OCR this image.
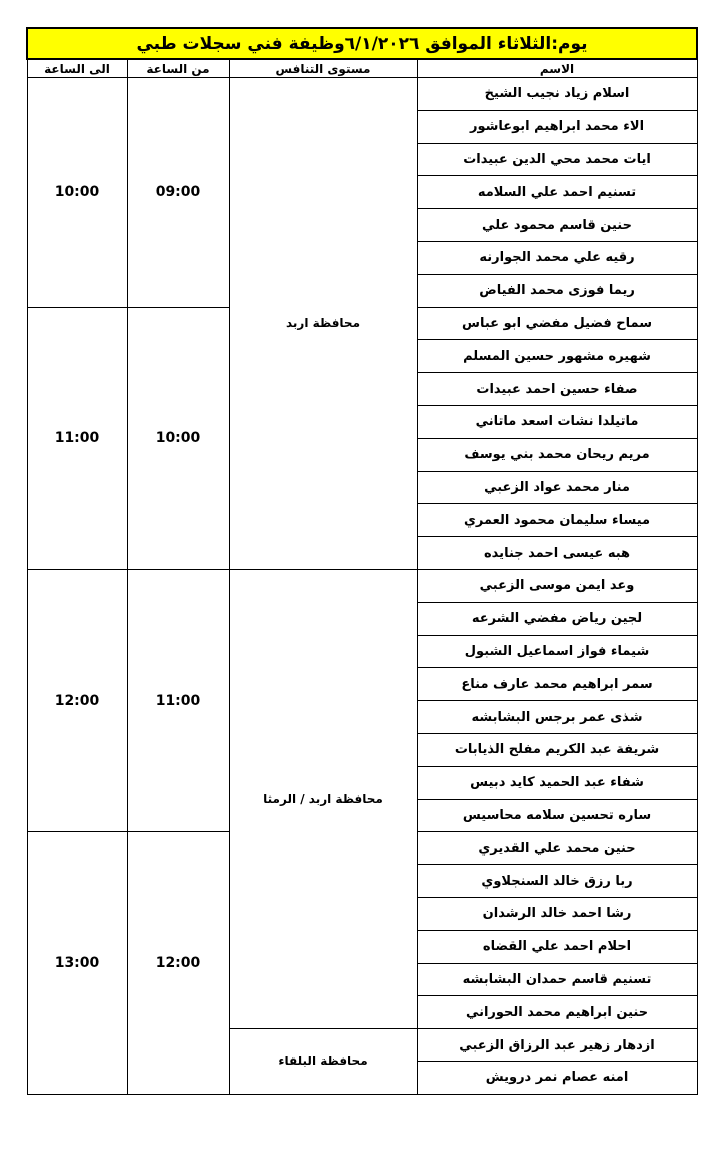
يوم:الثلاثاء الموافق ٦/١/٢٠٢٦وظيفة فني سجلات طبي			
الى الساعة	من الساعة	مستوى التنافس	الاسم
10:00	09:00	محافظة اربد	اسلام زياد نجيب الشيخ
			الاء محمد ابراهيم ابوعاشور
			ايات محمد محي الدين عبيدات
			تسنيم احمد علي السلامه
			حنين قاسم محمود علي
			رقيه علي محمد الجوارنه
			ريما فوزى محمد الفياض
11:00	10:00		سماح فضيل مفضي ابو عباس
			شهيره مشهور حسين المسلم
			صفاء حسين احمد عبيدات
			ماتيلدا نشات اسعد ماتاني
			مريم ريحان محمد بني يوسف
			منار محمد عواد الزعبي
			ميساء سليمان محمود العمري
			هبه عيسى احمد جنايده
12:00	11:00	محافظة اربد / الرمثا	وعد ايمن موسى الزعبي
			لجين رياض مفضي الشرعه
			شيماء فواز اسماعيل الشبول
			سمر ابراهيم محمد عارف مناع
			شذى عمر برجس البشابشه
			شريفة عبد الكريم مفلح الذيابات
			شفاء عبد الحميد كايد دبيس
			ساره تحسين سلامه محاسيس
13:00	12:00		حنين محمد علي القديري
			ربا رزق خالد السنجلاوي
			رشا احمد خالد الرشدان
			احلام احمد علي القضاه
			تسنيم قاسم حمدان البشابشه
			حنين ابراهيم محمد الحوراني
		محافظة البلقاء	ازدهار زهير عبد الرزاق الزعبي
			امنه عصام نمر درويش
